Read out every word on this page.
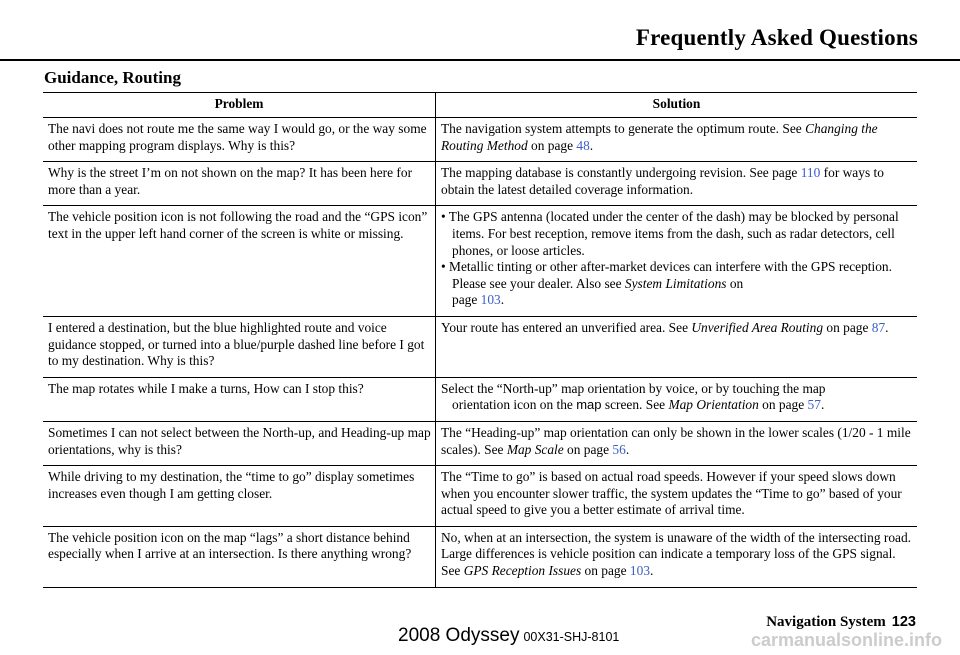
Frequently Asked Questions
Guidance, Routing
Problem	Solution
The navi does not route me the same way I would go, or the way some other mapping program displays. Why is this?	The navigation system attempts to generate the optimum route. See Changing the Routing Method on page 48.
Why is the street I’m on not shown on the map? It has been here for more than a year.	The mapping database is constantly undergoing revision. See page 110 for ways to obtain the latest detailed coverage information.
The vehicle position icon is not following the road and the “GPS icon” text in the upper left hand corner of the screen is white or missing.	• The GPS antenna (located under the center of the dash) may be blocked by personal items. For best reception, remove items from the dash, such as radar detectors, cell phones, or loose articles.
• Metallic tinting or other after-market devices can interfere with the GPS reception. Please see your dealer. Also see System Limitations on
page 103.

I entered a destination, but the blue highlighted route and voice guidance stopped, or turned into a blue/purple dashed line before I got to my destination. Why is this?	Your route has entered an unverified area. See Unverified Area Routing on page 87.
The map rotates while I make a turns, How can I stop this?	Select the “North-up” map orientation by voice, or by touching the map
orientation icon on the map screen. See Map Orientation on page 57.

Sometimes I can not select between the North-up, and Heading-up map orientations, why is this?	The “Heading-up” map orientation can only be shown in the lower scales (1/20 - 1 mile scales). See Map Scale on page 56.
While driving to my destination, the “time to go” display sometimes increases even though I am getting closer.	The “Time to go” is based on actual road speeds. However if your speed slows down when you encounter slower traffic, the system updates the “Time to go” based of your actual speed to give you a better estimate of arrival time.
The vehicle position icon on the map “lags” a short distance behind especially when I arrive at an intersection. Is there anything wrong?	No, when at an intersection, the system is unaware of the width of the intersecting road. Large differences is vehicle position can indicate a temporary loss of the GPS signal. See GPS Reception Issues on page 103.
Navigation System 123
2008 Odyssey 00X31-SHJ-8101	carmanualsonline.info
